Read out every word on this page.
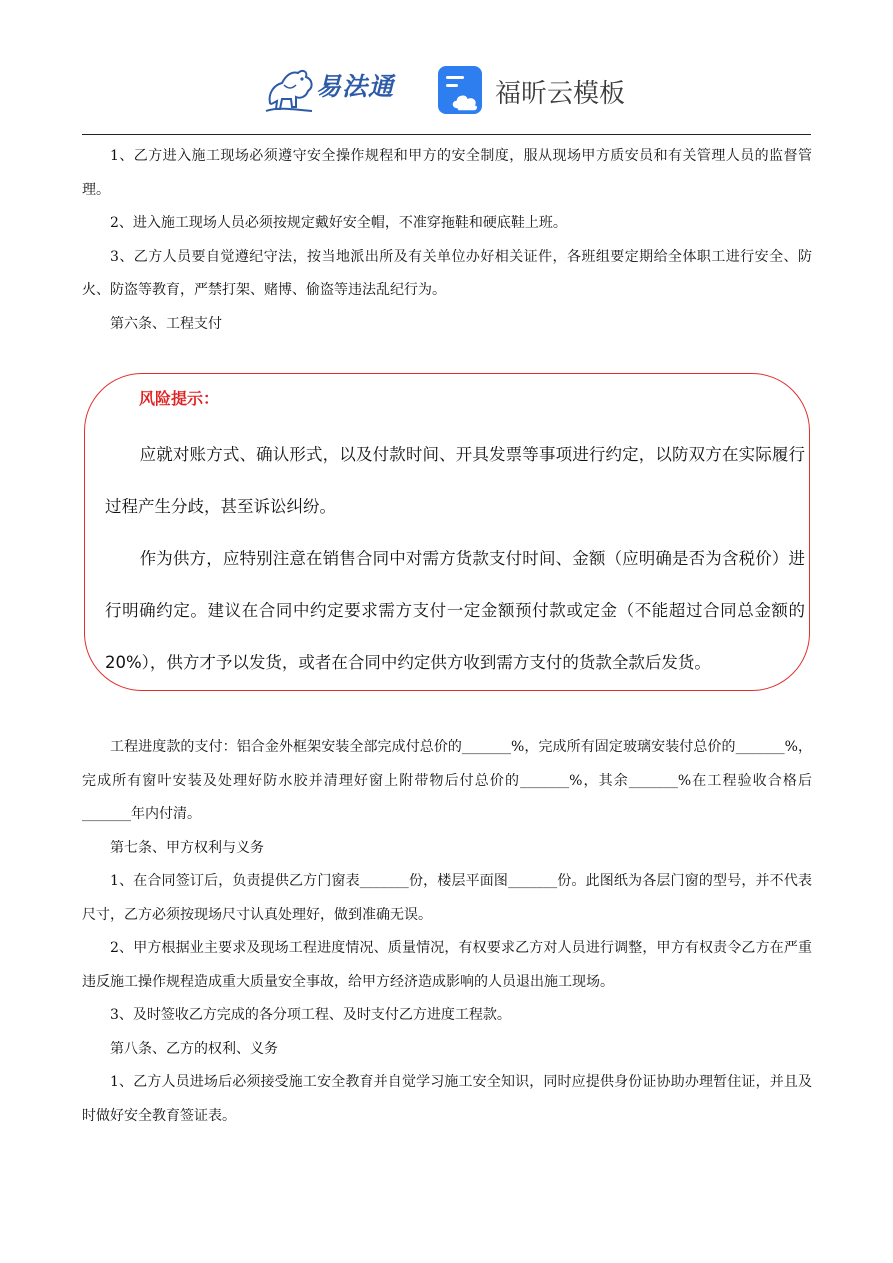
易法通	福昕云模板

1、乙方进入施工现场必须遵守安全操作规程和甲方的安全制度，服从现场甲方质安员和有关管理人员的监督管理。

2、进入施工现场人员必须按规定戴好安全帽，不准穿拖鞋和硬底鞋上班。

3、乙方人员要自觉遵纪守法，按当地派出所及有关单位办好相关证件，各班组要定期给全体职工进行安全、防火、防盗等教育，严禁打架、赌博、偷盗等违法乱纪行为。

第六条、工程支付

风险提示：

应就对账方式、确认形式，以及付款时间、开具发票等事项进行约定，以防双方在实际履行过程产生分歧，甚至诉讼纠纷。

作为供方，应特别注意在销售合同中对需方货款支付时间、金额（应明确是否为含税价）进行明确约定。建议在合同中约定要求需方支付一定金额预付款或定金（不能超过合同总金额的 20%），供方才予以发货，或者在合同中约定供方收到需方支付的货款全款后发货。

工程进度款的支付：铝合金外框架安装全部完成付总价的_______%，完成所有固定玻璃安装付总价的_______%，完成所有窗叶安装及处理好防水胶并清理好窗上附带物后付总价的_______%，其余_______%在工程验收合格后_______年内付清。

第七条、甲方权利与义务

1、在合同签订后，负责提供乙方门窗表_______份，楼层平面图_______份。此图纸为各层门窗的型号，并不代表尺寸，乙方必须按现场尺寸认真处理好，做到准确无误。

2、甲方根据业主要求及现场工程进度情况、质量情况，有权要求乙方对人员进行调整，甲方有权责令乙方在严重违反施工操作规程造成重大质量安全事故，给甲方经济造成影响的人员退出施工现场。

3、及时签收乙方完成的各分项工程、及时支付乙方进度工程款。

第八条、乙方的权利、义务

1、乙方人员进场后必须接受施工安全教育并自觉学习施工安全知识，同时应提供身份证协助办理暂住证，并且及时做好安全教育签证表。
